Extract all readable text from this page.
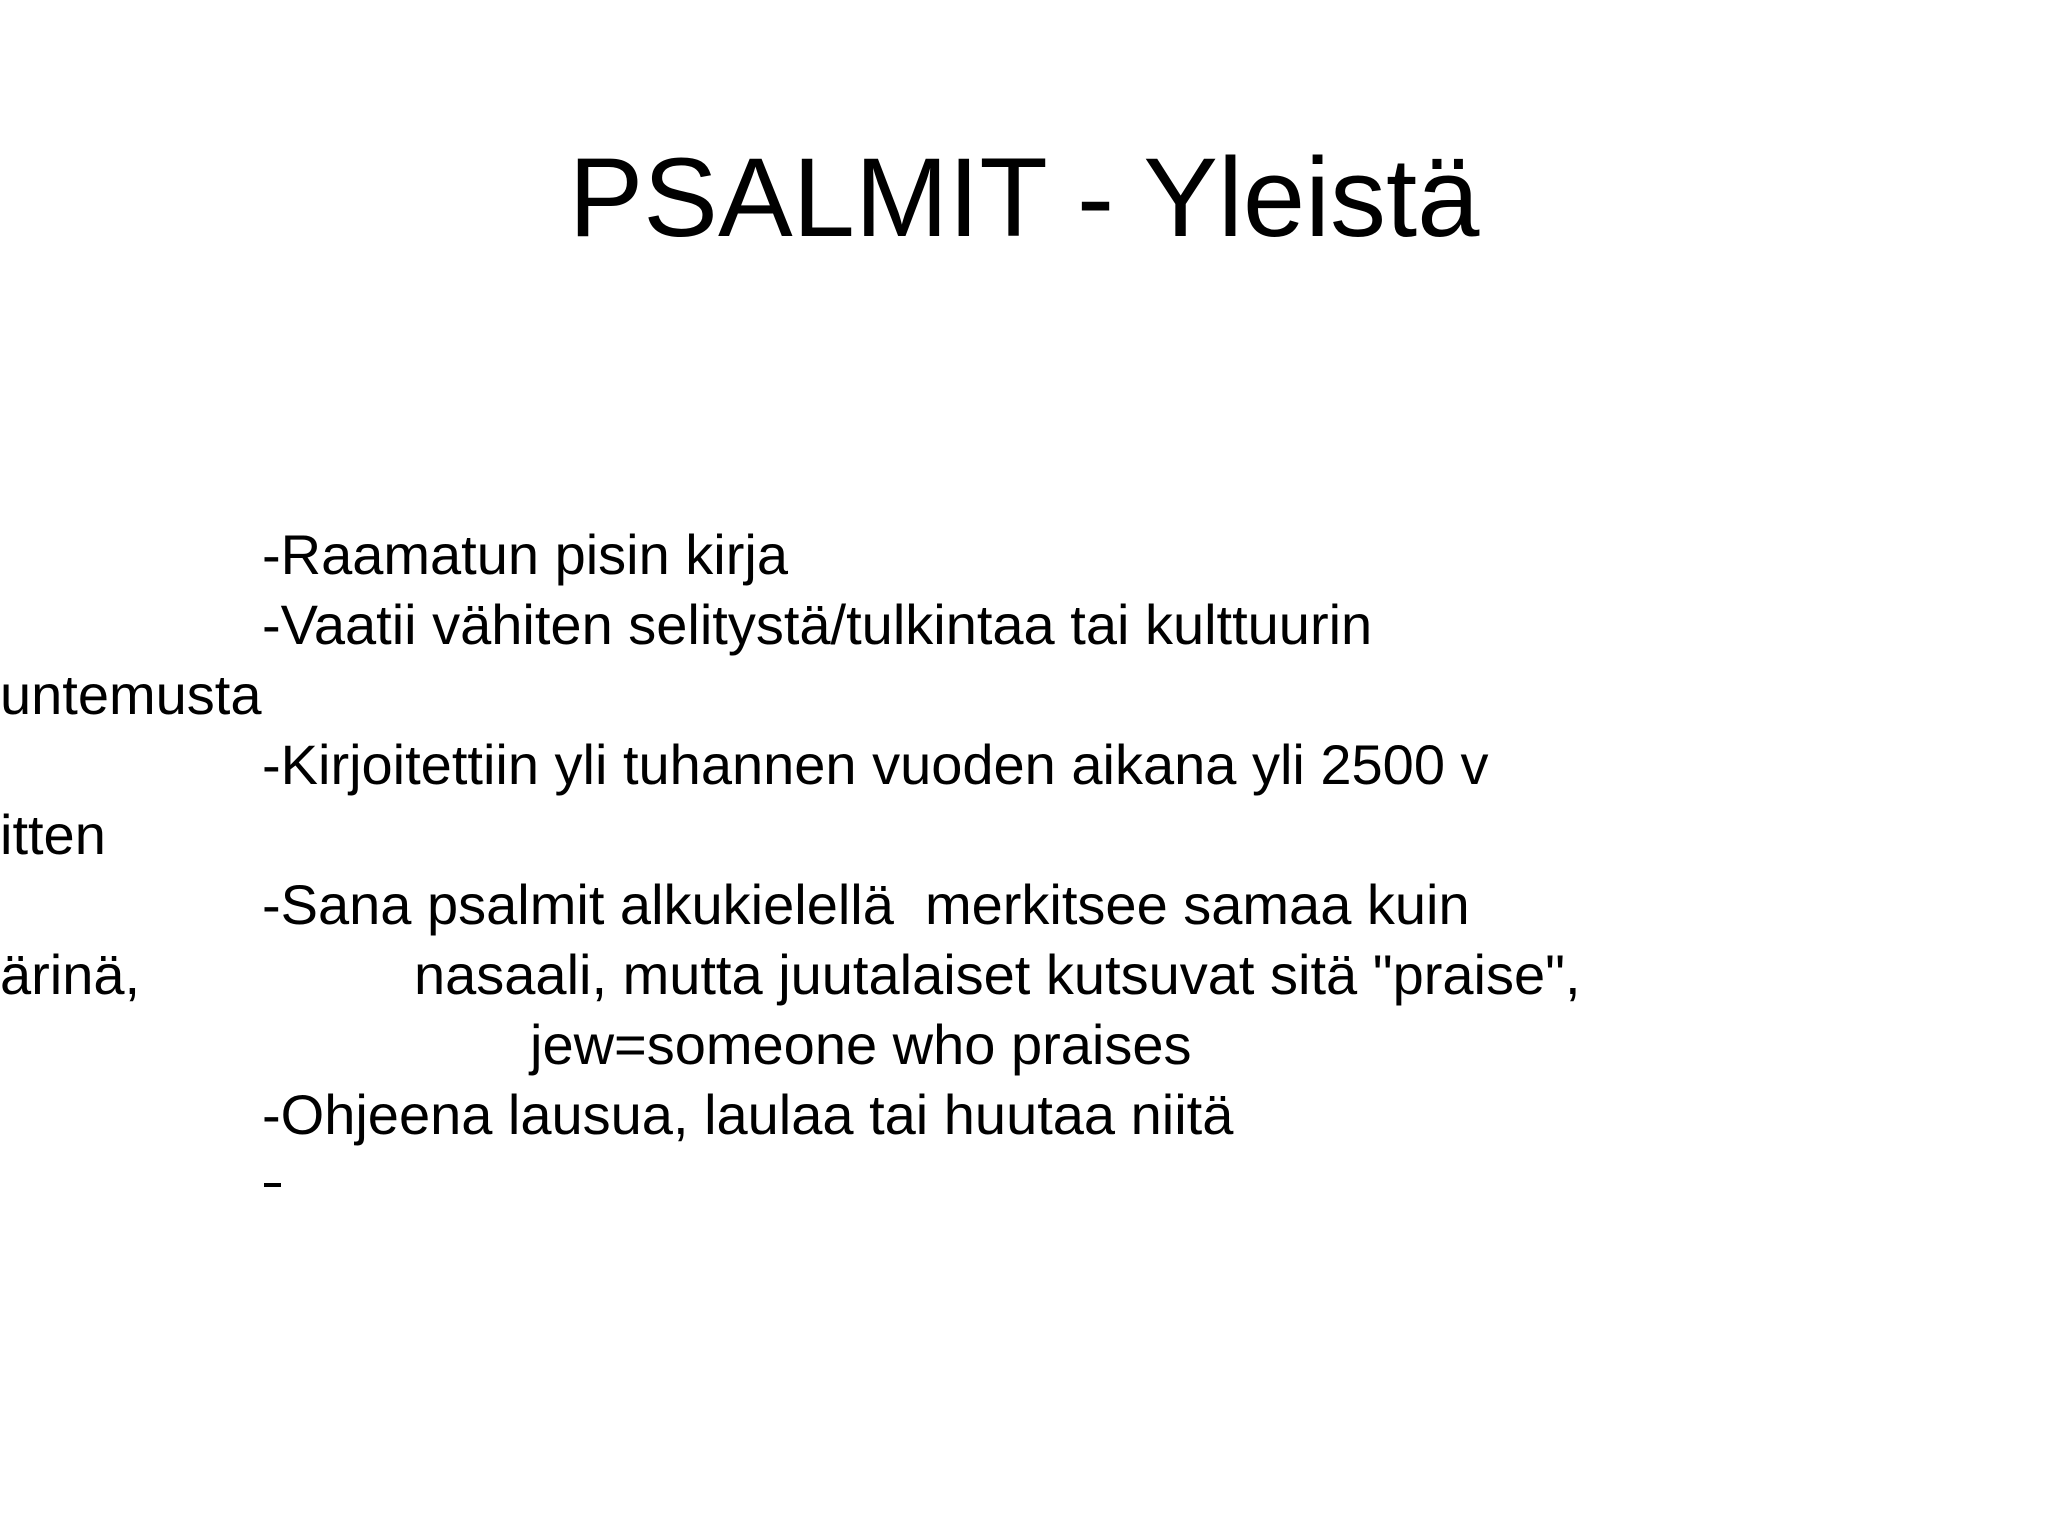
PSALMIT - Yleistä
-Raamatun pisin kirja
-Vaatii vähiten selitystä/tulkintaa tai kulttuurin
untemusta
-Kirjoitettiin yli tuhannen vuoden aikana yli 2500 v
itten
-Sana psalmit alkukielellä  merkitsee samaa kuin
ärinä,	nasaali, mutta juutalaiset kutsuvat sitä "praise",
jew=someone who praises
-Ohjeena lausua, laulaa tai huutaa niitä
